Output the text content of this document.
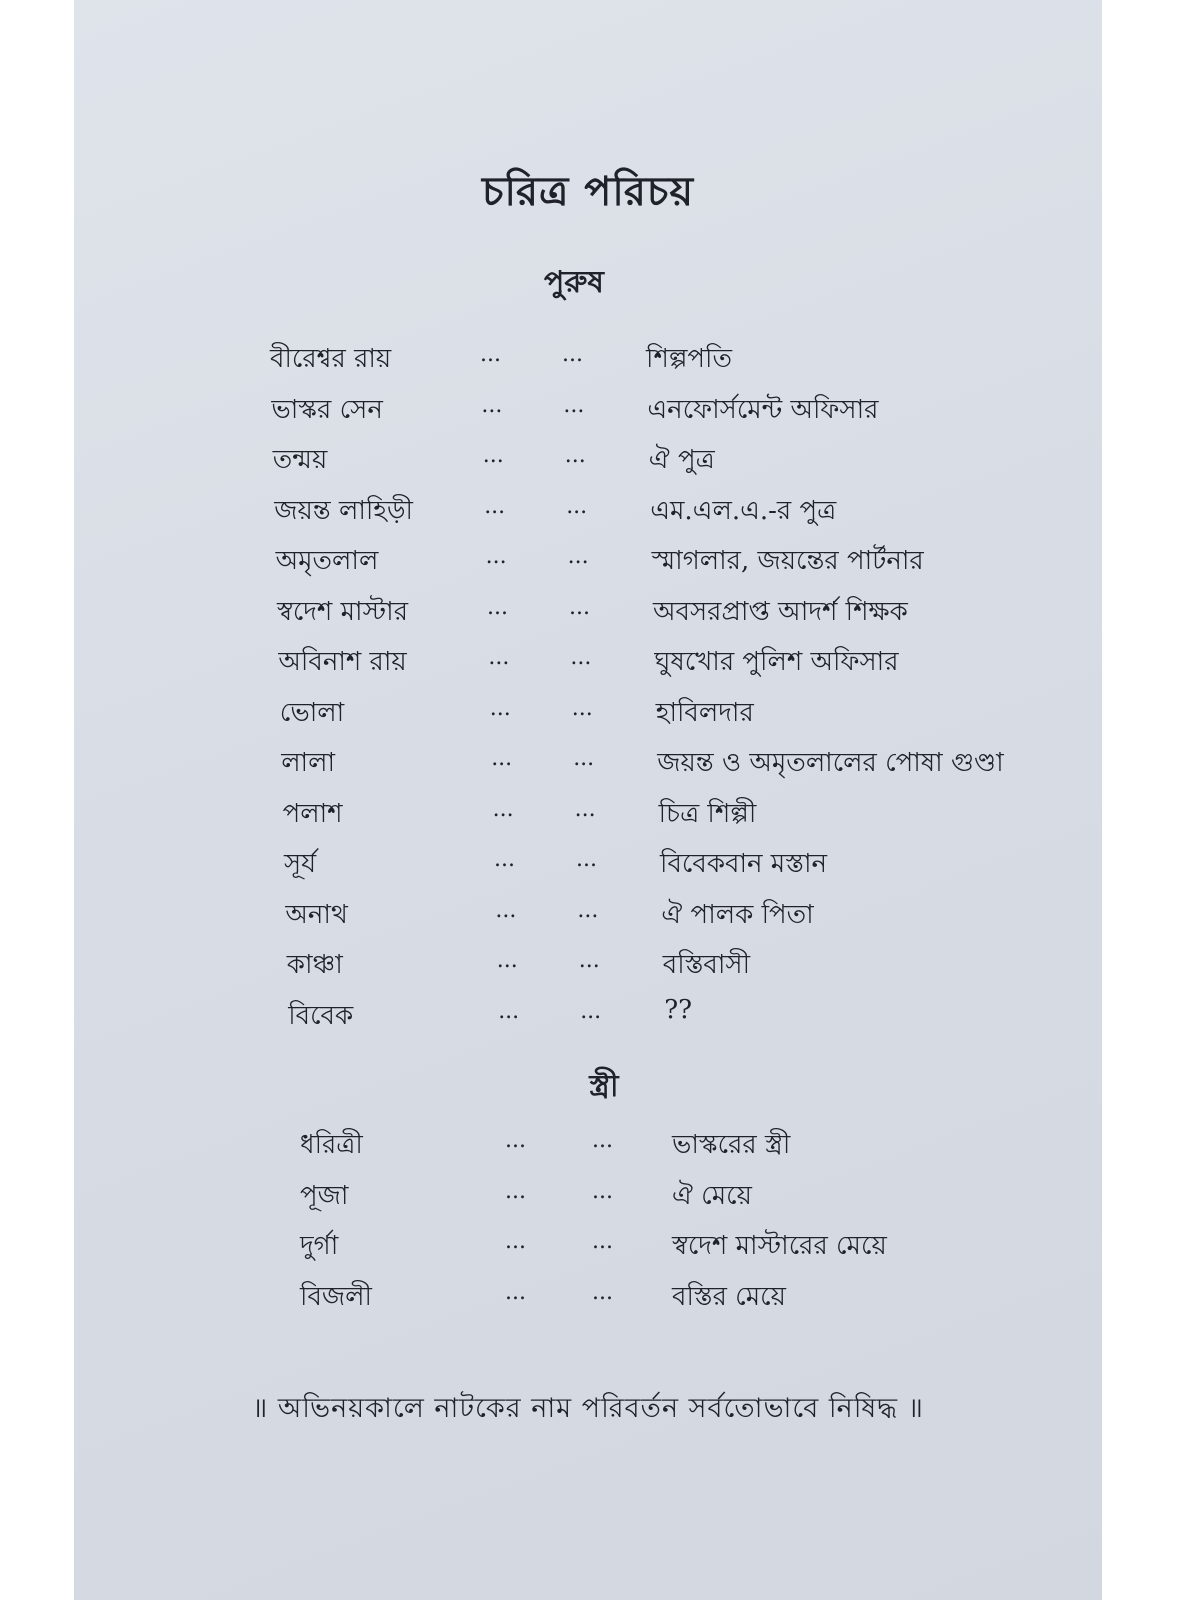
চরিত্র পরিচয়
পুরুষ
বীরেশ্বর রায়	...	... শিল্পপতি
ভাস্কর সেন	...	... এনফোর্সমেন্ট অফিসার
তন্ময়	...	... ঐ পুত্র
জয়ন্ত লাহিড়ী	...	... এম.এল.এ.-র পুত্র
অমৃতলাল	...	... স্মাগলার, জয়ন্তের পার্টনার
স্বদেশ মাস্টার	...	... অবসরপ্রাপ্ত আদর্শ শিক্ষক
অবিনাশ রায়	...	... ঘুষখোর পুলিশ অফিসার
ভোলা	...	... হাবিলদার
লালা	...	... জয়ন্ত ও অমৃতলালের পোষা গুণ্ডা
পলাশ	...	... চিত্র শিল্পী
সূর্য	...	... বিবেকবান মস্তান
অনাথ	...	... ঐ পালক পিতা
কাঞ্চা	...	... বস্তিবাসী
বিবেক	...	... ??
স্ত্রী
ধরিত্রী	...	... ভাস্করের স্ত্রী
পূজা	...	... ঐ মেয়ে
দুর্গা	...	... স্বদেশ মাস্টারের মেয়ে
বিজলী	...	... বস্তির মেয়ে
॥ অভিনয়কালে নাটকের নাম পরিবর্তন সর্বতোভাবে নিষিদ্ধ ॥
